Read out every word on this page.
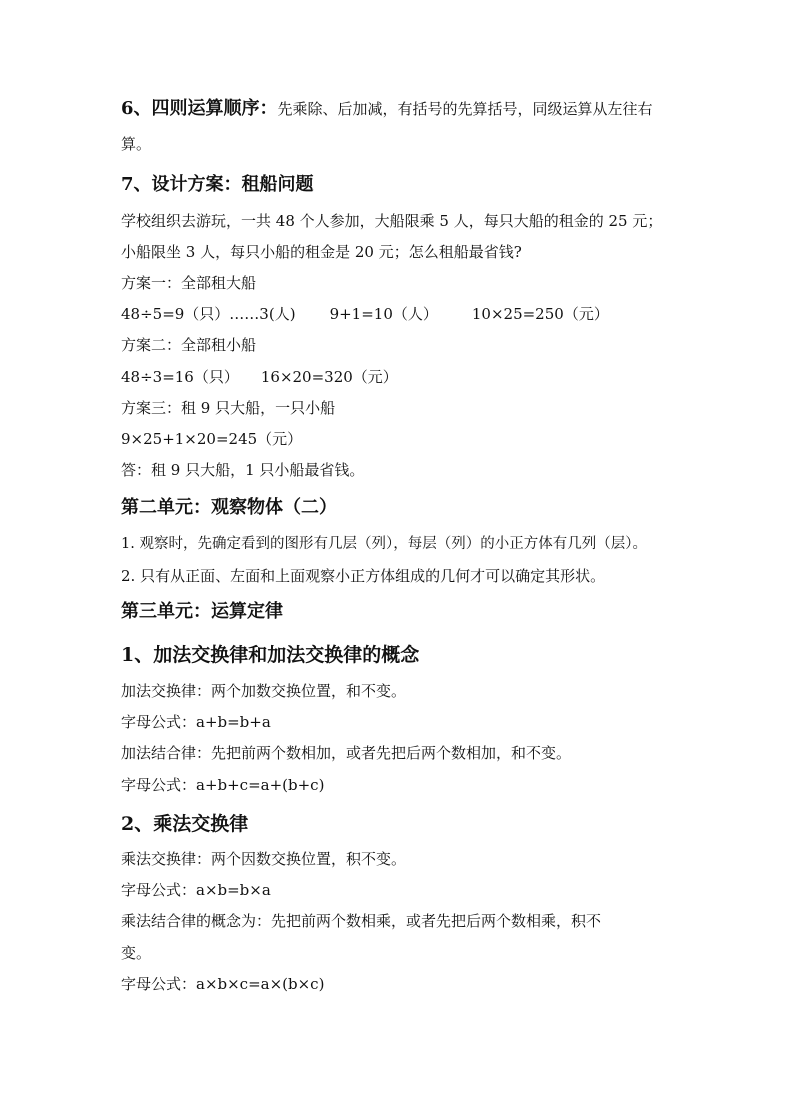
6、四则运算顺序：先乘除、后加减，有括号的先算括号，同级运算从左往右
算。
7、设计方案：租船问题
学校组织去游玩，一共 48 个人参加，大船限乘 5 人，每只大船的租金的 25 元；
小船限坐 3 人，每只小船的租金是 20 元；怎么租船最省钱?
方案一：全部租大船
48÷5=9（只）……3(人) 9+1=10（人） 10×25=250（元）
方案二：全部租小船
48÷3=16（只） 16×20=320（元）
方案三：租 9 只大船，一只小船
9×25+1×20=245（元）
答：租 9 只大船，1 只小船最省钱。
第二单元：观察物体（二）
1. 观察时，先确定看到的图形有几层（列），每层（列）的小正方体有几列（层）。
2. 只有从正面、左面和上面观察小正方体组成的几何才可以确定其形状。
第三单元：运算定律
1、加法交换律和加法交换律的概念
加法交换律：两个加数交换位置，和不变。
字母公式：a+b=b+a
加法结合律：先把前两个数相加，或者先把后两个数相加，和不变。
字母公式：a+b+c=a+(b+c)
2、乘法交换律
乘法交换律：两个因数交换位置，积不变。
字母公式：a×b=b×a
乘法结合律的概念为：先把前两个数相乘，或者先把后两个数相乘，积不
变。
字母公式：a×b×c=a×(b×c)
